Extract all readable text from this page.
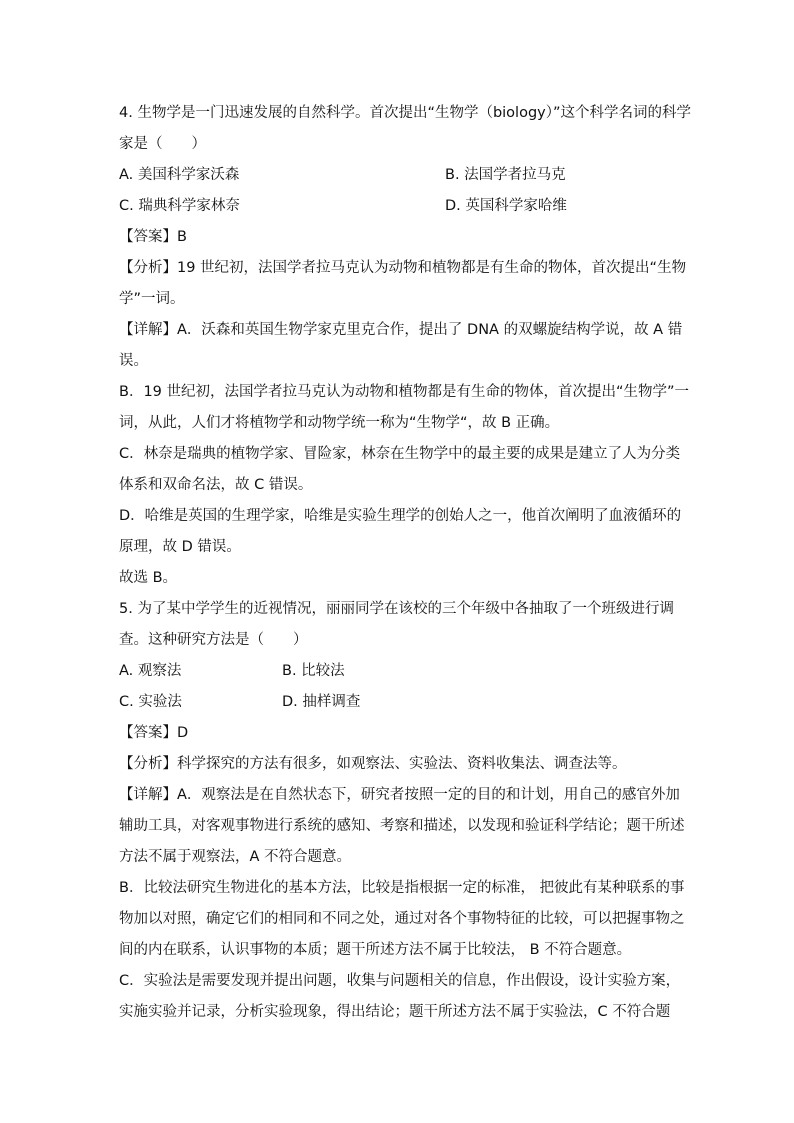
4. 生物学是一门迅速发展的自然科学。首次提出“生物学（biology）”这个科学名词的科学
家是（　　）
A. 美国科学家沃森	B. 法国学者拉马克
C. 瑞典科学家林奈	D. 英国科学家哈维
【答案】B
【分析】19 世纪初，法国学者拉马克认为动物和植物都是有生命的物体，首次提出“生物
学”一词。
【详解】A．沃森和英国生物学家克里克合作，提出了 DNA 的双螺旋结构学说，故 A 错
误。
B．19 世纪初，法国学者拉马克认为动物和植物都是有生命的物体，首次提出“生物学”一
词，从此，人们才将植物学和动物学统一称为“生物学“，故 B 正确。
C．林奈是瑞典的植物学家、冒险家，林奈在生物学中的最主要的成果是建立了人为分类
体系和双命名法，故 C 错误。
D．哈维是英国的生理学家，哈维是实验生理学的创始人之一，他首次阐明了血液循环的
原理，故 D 错误。
故选 B。
5. 为了某中学学生的近视情况，丽丽同学在该校的三个年级中各抽取了一个班级进行调
查。这种研究方法是（　　）
A. 观察法	B. 比较法
C. 实验法	D. 抽样调查
【答案】D
【分析】科学探究的方法有很多，如观察法、实验法、资料收集法、调查法等。
【详解】A．观察法是在自然状态下，研究者按照一定的目的和计划，用自己的感官外加
辅助工具，对客观事物进行系统的感知、考察和描述，以发现和验证科学结论；题干所述
方法不属于观察法，A 不符合题意。
B．比较法研究生物进化的基本方法，比较是指根据一定的标准， 把彼此有某种联系的事
物加以对照，确定它们的相同和不同之处，通过对各个事物特征的比较，可以把握事物之
间的内在联系，认识事物的本质；题干所述方法不属于比较法， B 不符合题意。
C．实验法是需要发现并提出问题，收集与问题相关的信息，作出假设，设计实验方案，
实施实验并记录，分析实验现象，得出结论；题干所述方法不属于实验法，C 不符合题
